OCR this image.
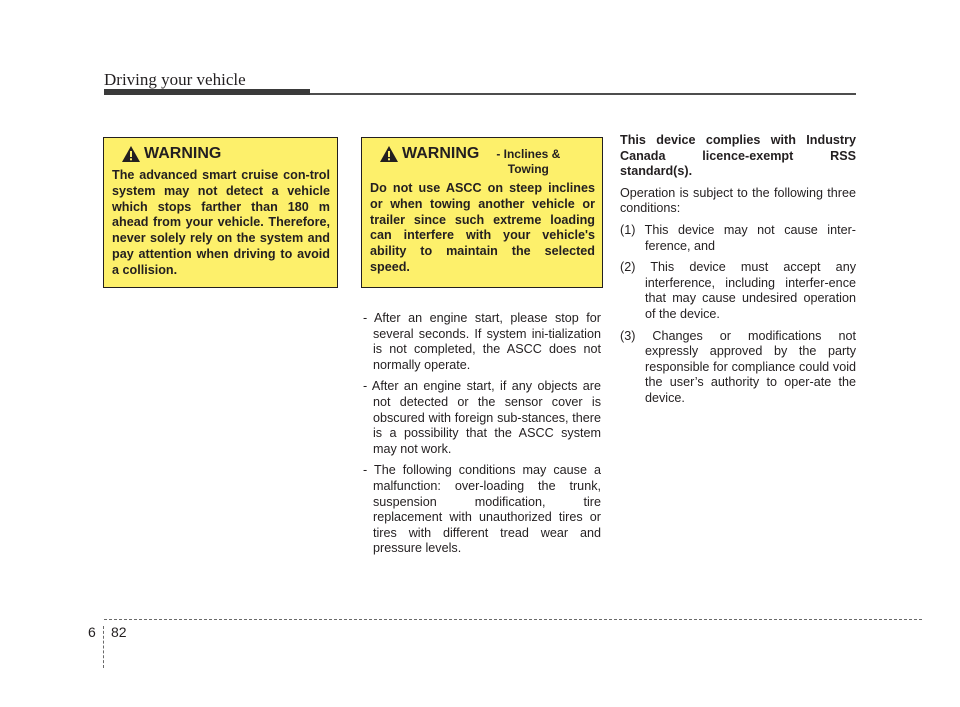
Driving your vehicle
WARNING
The advanced smart cruise con-trol system may not detect a vehicle which stops farther than 180 m ahead from your vehicle. Therefore, never solely rely on the system and pay attention when driving to avoid a collision.
WARNING	- Inclines & Towing
Do not use ASCC on steep inclines or when towing another vehicle or trailer since such extreme loading can interfere with your vehicle's ability to maintain the selected speed.

- After an engine start, please stop for several seconds. If system ini-tialization is not completed, the ASCC does not normally operate.

- After an engine start, if any objects are not detected or the sensor cover is obscured with foreign sub-stances, there is a possibility that the ASCC system may not work.

- The following conditions may cause a malfunction: over-loading the trunk, suspension modification, tire replacement with unauthorized tires or tires with different tread wear and pressure levels.

This device complies with Industry Canada licence-exempt RSS standard(s).

Operation is subject to the following three conditions:

(1) This device may not cause inter-ference, and

(2) This device must accept any interference, including interfer-ence that may cause undesired operation of the device.

(3) Changes or modifications not expressly approved by the party responsible for compliance could void the user’s authority to oper-ate the device.

6 82
